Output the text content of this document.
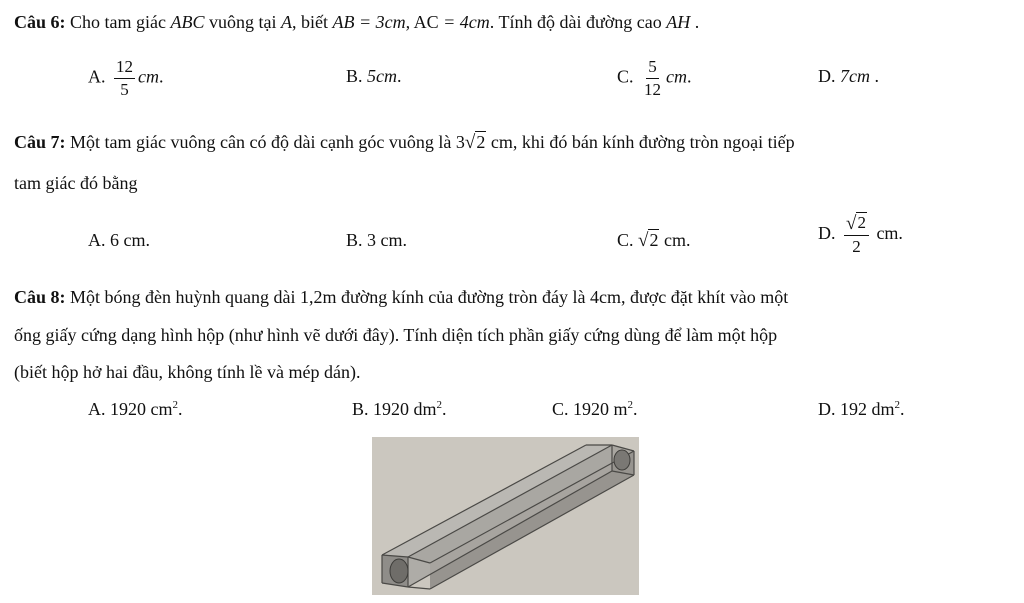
Câu 6: Cho tam giác ABC vuông tại A, biết AB = 3cm, AC = 4cm. Tính độ dài đường cao AH .
A. $\frac{12}{5}$ cm.	B. 5cm.	C. $\frac{5}{12}$ cm.	D. 7cm .
Câu 7: Một tam giác vuông cân có độ dài cạnh góc vuông là 3 √ 2 cm, khi đó bán kính đường tròn ngoại tiếp
tam giác đó bằng
A. 6 cm.	B. 3 cm.	C. √ 2 cm.	D. $\frac{√ 2}{2}$ cm.
Câu 8: Một bóng đèn huỳnh quang dài 1,2m đường kính của đường tròn đáy là 4cm, được đặt khít vào một
ống giấy cứng dạng hình hộp (như hình vẽ dưới đây). Tính diện tích phần giấy cứng dùng để làm một hộp
(biết hộp hở hai đầu, không tính lề và mép dán).
A. 1920 $cm^2$.	B. 1920 $dm^2$.	C. 1920 $m^2$.	D. 192 $dm^2$.
